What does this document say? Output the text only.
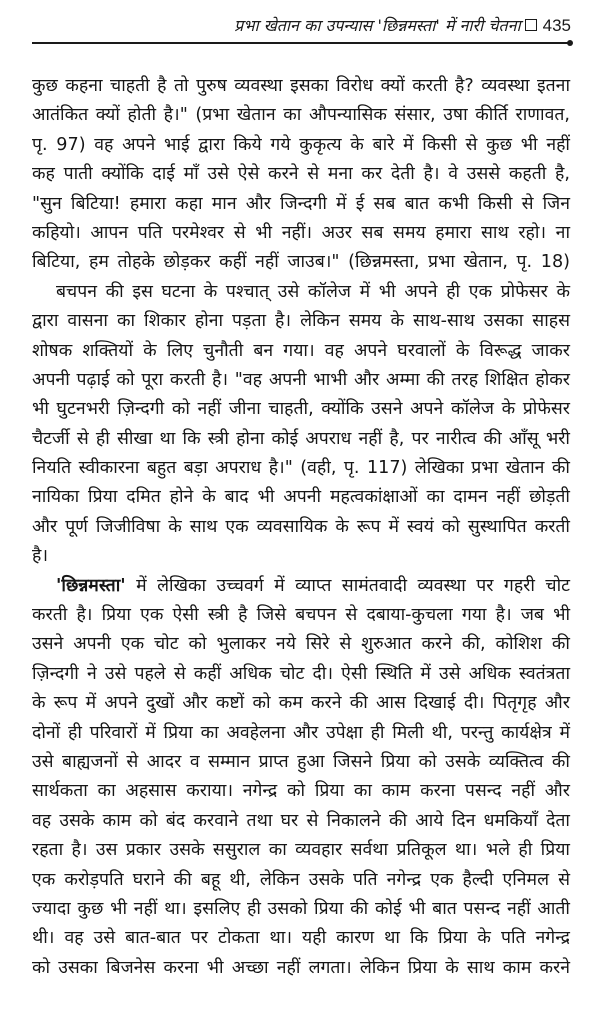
प्रभा खेतान का उपन्यास 'छिन्नमस्ता' में नारी चेतना 435
कुछ कहना चाहती है तो पुरुष व्यवस्था इसका विरोध क्यों करती है? व्यवस्था इतना
आतंकित क्यों होती है।" (प्रभा खेतान का औपन्यासिक संसार, उषा कीर्ति राणावत,
पृ. 97) वह अपने भाई द्वारा किये गये कुकृत्य के बारे में किसी से कुछ भी नहीं
कह पाती क्योंकि दाई माँ उसे ऐसे करने से मना कर देती है। वे उससे कहती है,
"सुन बिटिया! हमारा कहा मान और जिन्दगी में ई सब बात कभी किसी से जिन
कहियो। आपन पति परमेश्वर से भी नहीं। अउर सब समय हमारा साथ रहो। ना
बिटिया, हम तोहके छोड़कर कहीं नहीं जाउब।" (छिन्नमस्ता, प्रभा खेतान, पृ. 18)
बचपन की इस घटना के पश्चात् उसे कॉलेज में भी अपने ही एक प्रोफेसर के
द्वारा वासना का शिकार होना पड़ता है। लेकिन समय के साथ-साथ उसका साहस
शोषक शक्तियों के लिए चुनौती बन गया। वह अपने घरवालों के विरूद्ध जाकर
अपनी पढ़ाई को पूरा करती है। "वह अपनी भाभी और अम्मा की तरह शिक्षित होकर
भी घुटनभरी ज़िन्दगी को नहीं जीना चाहती, क्योंकि उसने अपने कॉलेज के प्रोफेसर
चैटर्जी से ही सीखा था कि स्त्री होना कोई अपराध नहीं है, पर नारीत्व की आँसू भरी
नियति स्वीकारना बहुत बड़ा अपराध है।" (वही, पृ. 117) लेखिका प्रभा खेतान की
नायिका प्रिया दमित होने के बाद भी अपनी महत्वकांक्षाओं का दामन नहीं छोड़ती
और पूर्ण जिजीविषा के साथ एक व्यवसायिक के रूप में स्वयं को सुस्थापित करती
है।
'छिन्नमस्ता' में लेखिका उच्चवर्ग में व्याप्त सामंतवादी व्यवस्था पर गहरी चोट
करती है। प्रिया एक ऐसी स्त्री है जिसे बचपन से दबाया-कुचला गया है। जब भी
उसने अपनी एक चोट को भुलाकर नये सिरे से शुरुआत करने की, कोशिश की
ज़िन्दगी ने उसे पहले से कहीं अधिक चोट दी। ऐसी स्थिति में उसे अधिक स्वतंत्रता
के रूप में अपने दुखों और कष्टों को कम करने की आस दिखाई दी। पितृगृह और
दोनों ही परिवारों में प्रिया का अवहेलना और उपेक्षा ही मिली थी, परन्तु कार्यक्षेत्र में
उसे बाह्यजनों से आदर व सम्मान प्राप्त हुआ जिसने प्रिया को उसके व्यक्तित्व की
सार्थकता का अहसास कराया। नगेन्द्र को प्रिया का काम करना पसन्द नहीं और
वह उसके काम को बंद करवाने तथा घर से निकालने की आये दिन धमकियाँ देता
रहता है। उस प्रकार उसके ससुराल का व्यवहार सर्वथा प्रतिकूल था। भले ही प्रिया
एक करोड़पति घराने की बहू थी, लेकिन उसके पति नगेन्द्र एक हैल्दी एनिमल से
ज्यादा कुछ भी नहीं था। इसलिए ही उसको प्रिया की कोई भी बात पसन्द नहीं आती
थी। वह उसे बात-बात पर टोकता था। यही कारण था कि प्रिया के पति नगेन्द्र
को उसका बिजनेस करना भी अच्छा नहीं लगता। लेकिन प्रिया के साथ काम करने
